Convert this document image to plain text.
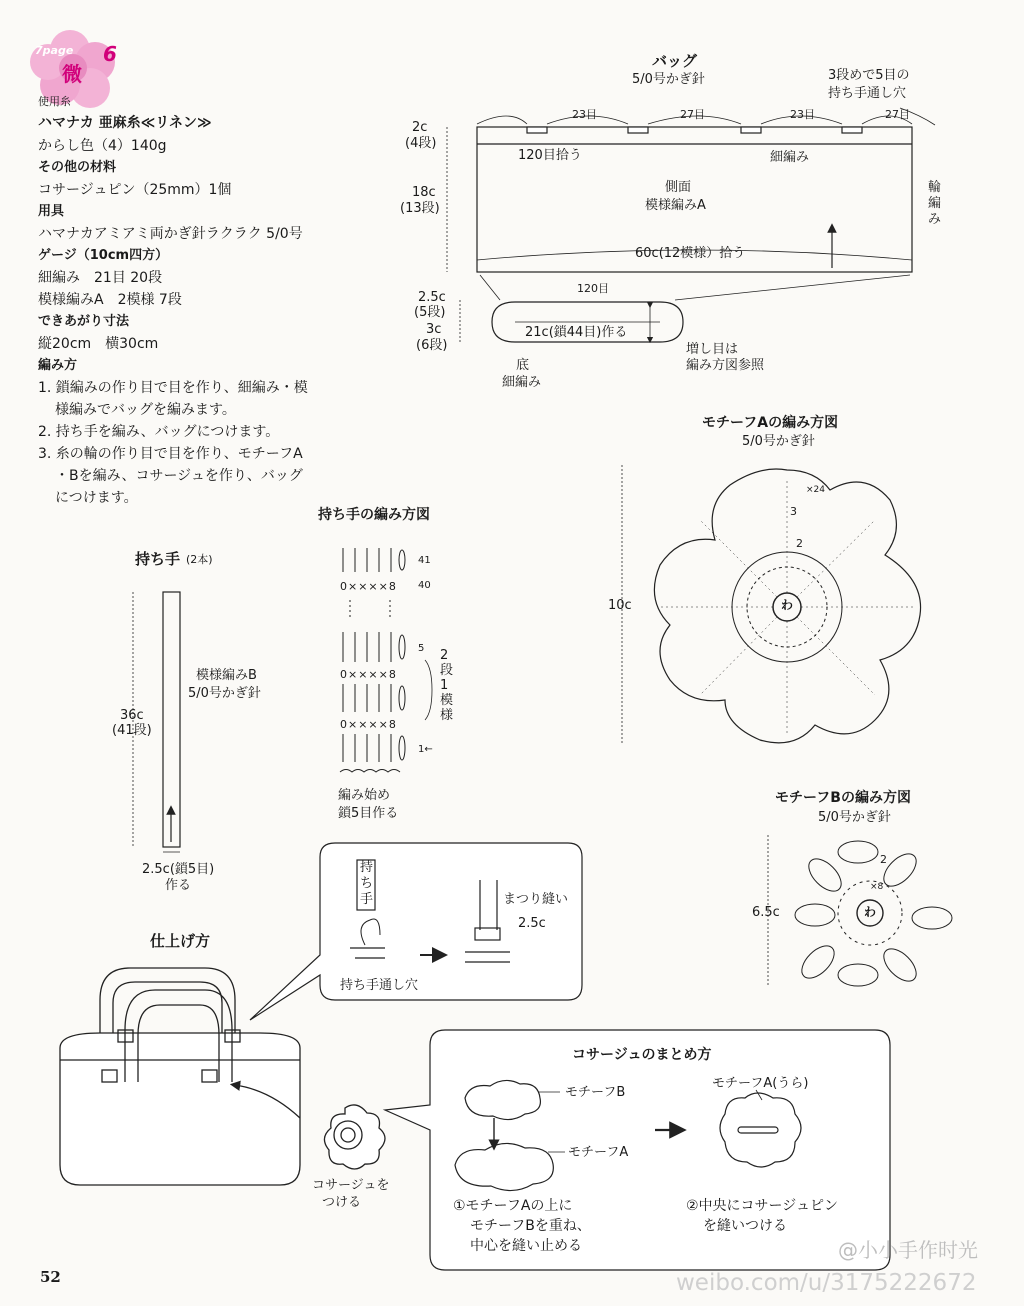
7page
微
6
使用糸
ハマナカ 亜麻糸≪リネン≫
からし色（4）140g
その他の材料
コサージュピン（25mm）1個
用具
ハマナカアミアミ両かぎ針ラクラク 5/0号
ゲージ（10cm四方）
細編み　21目 20段
模様編みA　2模様 7段
できあがり寸法
縦20cm　横30cm
編み方
1. 鎖編みの作り目で目を作り、細編み・模
様編みでバッグを編みます。
2. 持ち手を編み、バッグにつけます。
3. 糸の輪の作り目で目を作り、モチーフA
・Bを編み、コサージュを作り、バッグ
につけます。
バッグ
5/0号かぎ針	3段めで5目の
持ち手通し穴
23目	27目	23目	27目
120目拾う	細編み
側面
模様編みA
輪
編
み
60c(12模様）拾う
2c
(4段)
18c
(13段)
120目
2.5c
(5段)
3c
(6段)
21c(鎖44目)作る
底
細編み
増し目は
編み方図参照
モチーフAの編み方図
5/0号かぎ針
10c	わ
2
3
×24
持ち手の編み方図
0××××8
0××××8
0××××8
41
40
5 2
段
1
模
様
1←
編み始め
鎖5目作る
持ち手 (2本)
模様編みB
5/0号かぎ針
36c
(41段)
2.5c(鎖5目)
作る
モチーフBの編み方図
5/0号かぎ針
6.5c	わ
2
×8
仕上げ方
持
ち
手
持ち手通し穴
まつり縫い
2.5c
コサージュを
つける
コサージュのまとめ方
モチーフB
モチーフA
モチーフA(うら)
①モチーフAの上に
モチーフBを重ね、
中心を縫い止める
②中央にコサージュピン
を縫いつける
52
@小小手作时光
weibo.com/u/3175222672
